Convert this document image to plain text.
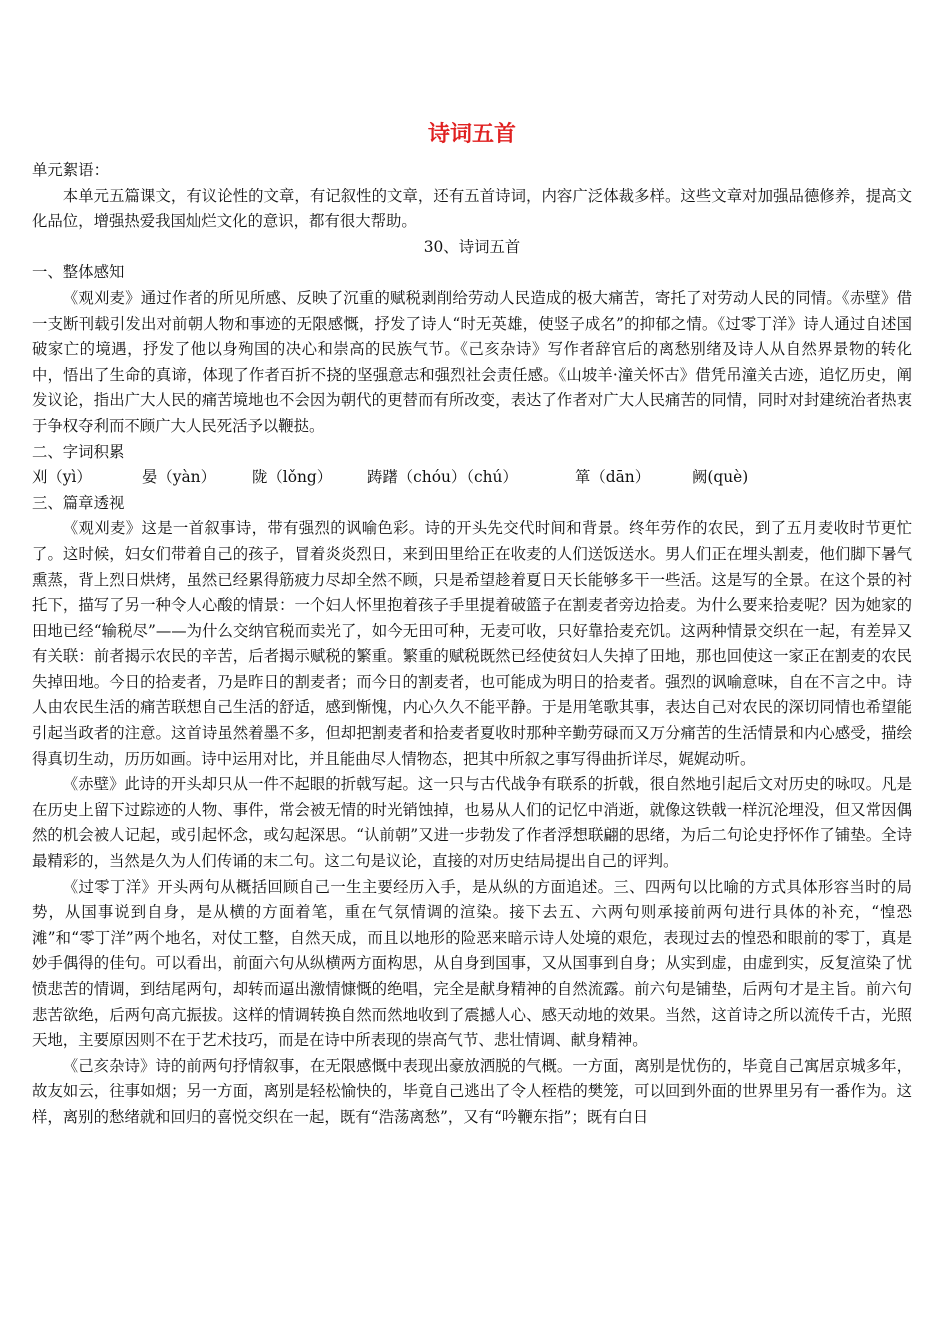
诗词五首

单元絮语：

本单元五篇课文，有议论性的文章，有记叙性的文章，还有五首诗词，内容广泛体裁多样。这些文章对加强品德修养，提高文化品位，增强热爱我国灿烂文化的意识，都有很大帮助。

30、诗词五首

一、整体感知

《观刈麦》通过作者的所见所感、反映了沉重的赋税剥削给劳动人民造成的极大痛苦，寄托了对劳动人民的同情。《赤壁》借一支断刊载引发出对前朝人物和事迹的无限感慨，抒发了诗人“时无英雄，使竖子成名”的抑郁之情。《过零丁洋》诗人通过自述国破家亡的境遇，抒发了他以身殉国的决心和崇高的民族气节。《己亥杂诗》写作者辞官后的离愁别绪及诗人从自然界景物的转化中，悟出了生命的真谛，体现了作者百折不挠的坚强意志和强烈社会责任感。《山坡羊·潼关怀古》借凭吊潼关古迹，追忆历史，阐发议论，指出广大人民的痛苦境地也不会因为朝代的更替而有所改变，表达了作者对广大人民痛苦的同情，同时对封建统治者热衷于争权夺利而不顾广大人民死活予以鞭挞。

二、字词积累

刈（yì）	晏（yàn）	陇（lǒng）	踌躇（chóu）（chú）	箪（dān）	阙(què)

三、篇章透视

《观刈麦》这是一首叙事诗，带有强烈的讽喻色彩。诗的开头先交代时间和背景。终年劳作的农民，到了五月麦收时节更忙了。这时候，妇女们带着自己的孩子，冒着炎炎烈日，来到田里给正在收麦的人们送饭送水。男人们正在埋头割麦，他们脚下暑气熏蒸，背上烈日烘烤，虽然已经累得筋疲力尽却全然不顾，只是希望趁着夏日天长能够多干一些活。这是写的全景。在这个景的衬托下，描写了另一种令人心酸的情景：一个妇人怀里抱着孩子手里提着破篮子在割麦者旁边拾麦。为什么要来拾麦呢？因为她家的田地已经“输税尽”——为什么交纳官税而卖光了，如今无田可种，无麦可收，只好靠拾麦充饥。这两种情景交织在一起，有差异又有关联：前者揭示农民的辛苦，后者揭示赋税的繁重。繁重的赋税既然已经使贫妇人失掉了田地，那也回使这一家正在割麦的农民失掉田地。今日的拾麦者，乃是昨日的割麦者；而今日的割麦者，也可能成为明日的拾麦者。强烈的讽喻意味，自在不言之中。诗人由农民生活的痛苦联想自己生活的舒适，感到惭愧，内心久久不能平静。于是用笔歌其事，表达自己对农民的深切同情也希望能引起当政者的注意。这首诗虽然着墨不多，但却把割麦者和拾麦者夏收时那种辛勤劳碌而又万分痛苦的生活情景和内心感受，描绘得真切生动，历历如画。诗中运用对比，并且能曲尽人情物态，把其中所叙之事写得曲折详尽，娓娓动听。

《赤壁》此诗的开头却只从一件不起眼的折戟写起。这一只与古代战争有联系的折戟，很自然地引起后文对历史的咏叹。凡是在历史上留下过踪迹的人物、事件，常会被无情的时光销蚀掉，也易从人们的记忆中消逝，就像这铁戟一样沉沦埋没，但又常因偶然的机会被人记起，或引起怀念，或勾起深思。“认前朝”又进一步勃发了作者浮想联翩的思绪，为后二句论史抒怀作了铺垫。全诗最精彩的，当然是久为人们传诵的末二句。这二句是议论，直接的对历史结局提出自己的评判。

《过零丁洋》开头两句从概括回顾自己一生主要经历入手，是从纵的方面追述。三、四两句以比喻的方式具体形容当时的局势，从国事说到自身，是从横的方面着笔，重在气氛情调的渲染。接下去五、六两句则承接前两句进行具体的补充，“惶恐滩”和“零丁洋”两个地名，对仗工整，自然天成，而且以地形的险恶来暗示诗人处境的艰危，表现过去的惶恐和眼前的零丁，真是妙手偶得的佳句。可以看出，前面六句从纵横两方面构思，从自身到国事，又从国事到自身；从实到虚，由虚到实，反复渲染了忧愤悲苦的情调，到结尾两句，却转而逼出激情慷慨的绝唱，完全是献身精神的自然流露。前六句是铺垫，后两句才是主旨。前六句悲苦欲绝，后两句高亢振拔。这样的情调转换自然而然地收到了震撼人心、感天动地的效果。当然，这首诗之所以流传千古，光照天地，主要原因则不在于艺术技巧，而是在诗中所表现的崇高气节、悲壮情调、献身精神。

《己亥杂诗》诗的前两句抒情叙事，在无限感慨中表现出豪放洒脱的气概。一方面，离别是忧伤的，毕竟自己寓居京城多年，故友如云，往事如烟；另一方面，离别是轻松愉快的，毕竟自己逃出了令人桎梏的樊笼，可以回到外面的世界里另有一番作为。这样，离别的愁绪就和回归的喜悦交织在一起，既有“浩荡离愁”，又有“吟鞭东指”；既有白日
